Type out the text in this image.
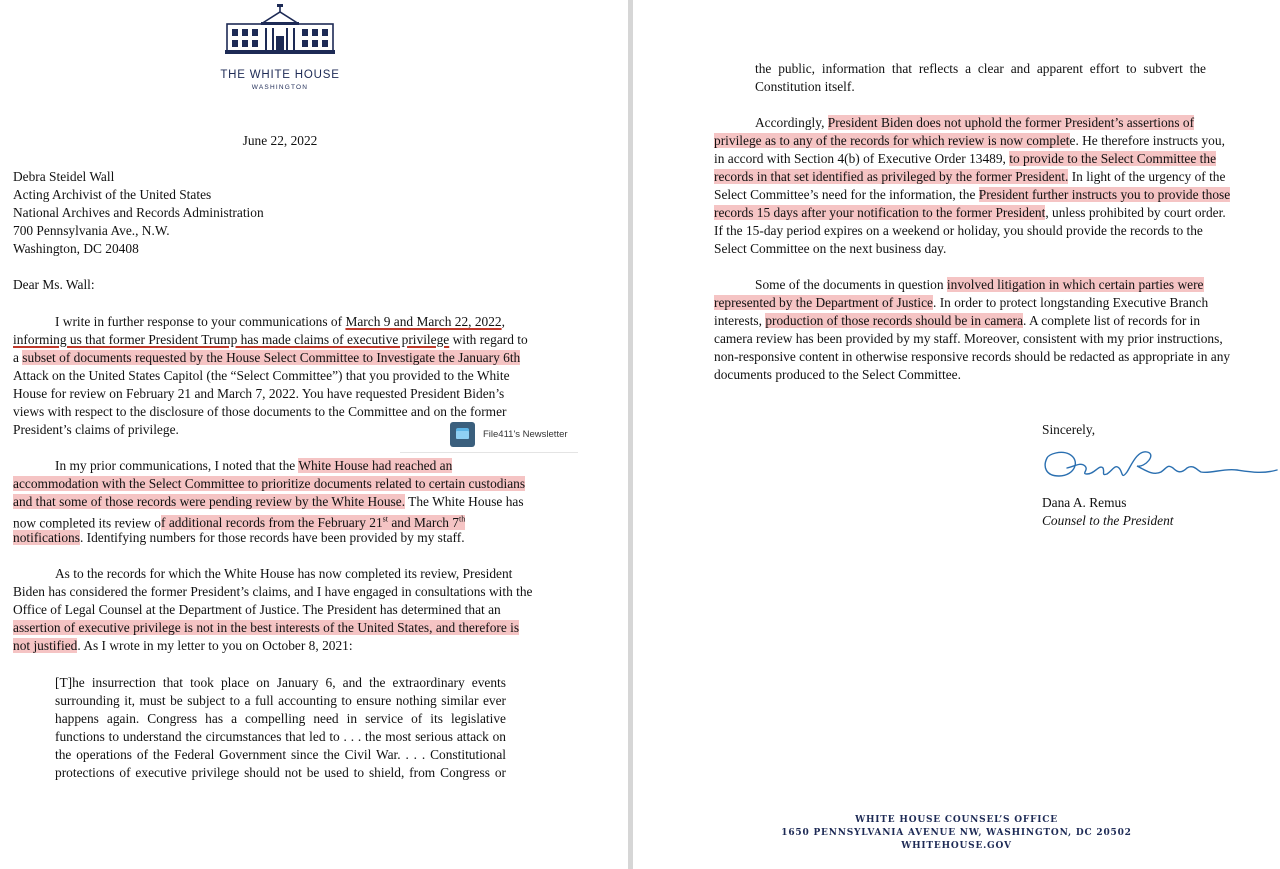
THE WHITE HOUSE
WASHINGTON
June 22, 2022
Debra Steidel Wall
Acting Archivist of the United States
National Archives and Records Administration
700 Pennsylvania Ave., N.W.
Washington, DC 20408
Dear Ms. Wall:
I write in further response to your communications of March 9 and March 22, 2022,
informing us that former President Trump has made claims of executive privilege with regard to
a subset of documents requested by the House Select Committee to Investigate the January 6th
Attack on the United States Capitol (the “Select Committee”) that you provided to the White
House for review on February 21 and March 7, 2022. You have requested President Biden’s
views with respect to the disclosure of those documents to the Committee and on the former
President’s claims of privilege.	File411's Newsletter
In my prior communications, I noted that the White House had reached an
accommodation with the Select Committee to prioritize documents related to certain custodians
and that some of those records were pending review by the White House. The White House has
now completed its review of additional records from the February 21st and March 7th
notifications. Identifying numbers for those records have been provided by my staff.
As to the records for which the White House has now completed its review, President
Biden has considered the former President’s claims, and I have engaged in consultations with the
Office of Legal Counsel at the Department of Justice. The President has determined that an
assertion of executive privilege is not in the best interests of the United States, and therefore is
not justified. As I wrote in my letter to you on October 8, 2021:
[T]he insurrection that took place on January 6, and the extraordinary events
surrounding it, must be subject to a full accounting to ensure nothing similar ever
happens again. Congress has a compelling need in service of its legislative
functions to understand the circumstances that led to . . . the most serious attack on
the operations of the Federal Government since the Civil War. . . . Constitutional
protections of executive privilege should not be used to shield, from Congress or
the public, information that reflects a clear and apparent effort to subvert the
Constitution itself.
Accordingly, President Biden does not uphold the former President’s assertions of
privilege as to any of the records for which review is now complete. He therefore instructs you,
in accord with Section 4(b) of Executive Order 13489, to provide to the Select Committee the
records in that set identified as privileged by the former President. In light of the urgency of the
Select Committee’s need for the information, the President further instructs you to provide those
records 15 days after your notification to the former President, unless prohibited by court order.
If the 15-day period expires on a weekend or holiday, you should provide the records to the
Select Committee on the next business day.
Some of the documents in question involved litigation in which certain parties were
represented by the Department of Justice. In order to protect longstanding Executive Branch
interests, production of those records should be in camera. A complete list of records for in
camera review has been provided by my staff. Moreover, consistent with my prior instructions,
non-responsive content in otherwise responsive records should be redacted as appropriate in any
documents produced to the Select Committee.
Sincerely,
Dana A. Remus
Counsel to the President
WHITE HOUSE COUNSEL’S OFFICE
1650 PENNSYLVANIA AVENUE NW, WASHINGTON, DC 20502
WHITEHOUSE.GOV
